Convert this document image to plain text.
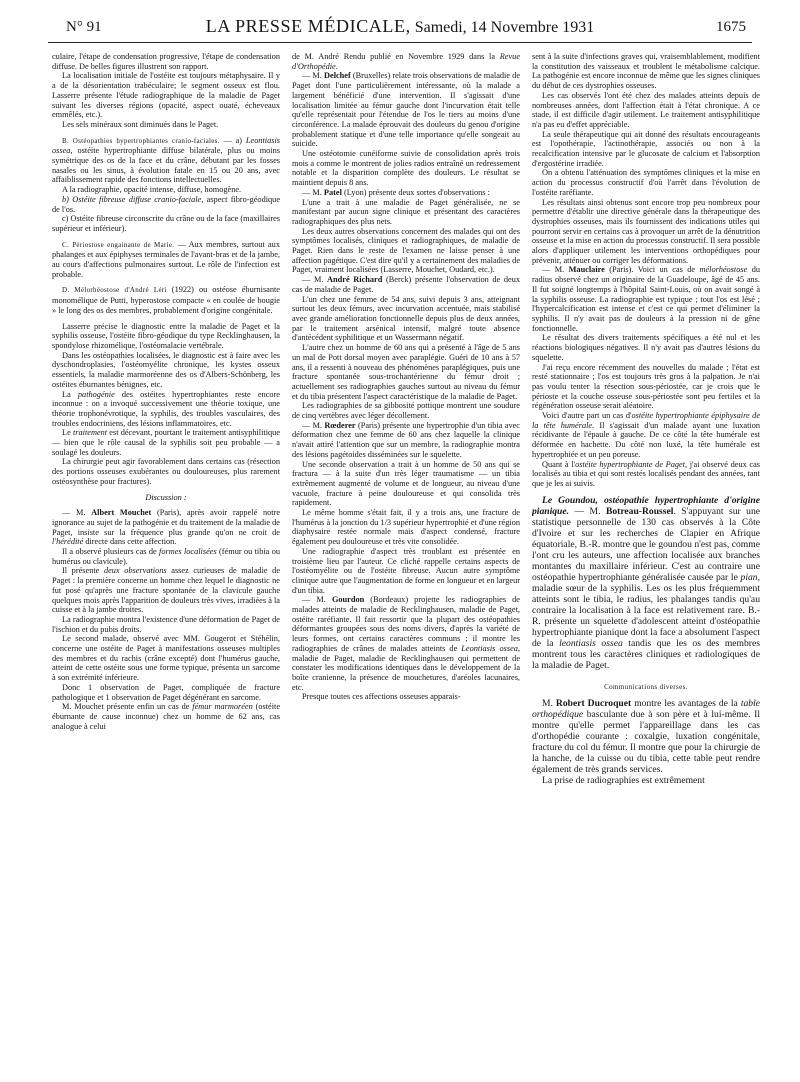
N° 91	LA PRESSE MÉDICALE, Samedi, 14 Novembre 1931	1675

culaire, l'étape de condensation progressive, l'étape de condensation diffuse. De belles figures illustrent son rapport.

La localisation initiale de l'ostéite est toujours métaphysaire. Il y a de la désorientation trabéculaire; le segment osseux est flou. Lasserre présente l'étude radiographique de la maladie de Paget suivant les diverses régions (opacité, aspect ouaté, écheveaux emmêlés, etc.).

Les sels minéraux sont diminués dans le Paget.

B. Ostéopathies hypertrophiantes cranio-faciales. — a) Leontiasis ossea, ostéite hypertrophiante diffuse bilatérale, plus ou moins symétrique des os de la face et du crâne, débutant par les fosses nasales ou les sinus, à évolution fatale en 15 ou 20 ans, avec affaiblissement rapide des fonctions intellectuelles.

A la radiographie, opacité intense, diffuse, homogène.

b) Ostéite fibreuse diffuse cranio-faciale, aspect fibro-géodique de l'os.

c) Ostéite fibreuse circonscrite du crâne ou de la face (maxillaires supérieur et inférieur).

C. Périostose engainante de Marie. — Aux membres, surtout aux phalanges et aux épiphyses terminales de l'avant-bras et de la jambe, au cours d'affections pulmonaires surtout. Le rôle de l'infection est probable.

D. Mélorhéostose d'André Léri (1922) ou ostéose éburnisante monomélique de Putti, hyperostose compacte « en coulée de bougie » le long des os des membres, probablement d'origine congénitale.

Lasserre précise le diagnostic entre la maladie de Paget et la syphilis osseuse, l'ostéite fibro-géodique du type Recklinghausen, la spondylose rhizomélique, l'ostéomalacie vertébrale.

Dans les ostéopathies localisées, le diagnostic est à faire avec les dyschondroplasies, l'ostéomyélite chronique, les kystes osseux essentiels, la maladie marmoréenne des os d'Albers-Schönberg, les ostéites éburnantes bénignes, etc.

La pathogénie des ostéites hypertrophiantes reste encore inconnue : on a invoqué successivement une théorie toxique, une théorie trophonévrotique, la syphilis, des troubles vasculaires, des troubles endocriniens, des lésions inflammatoires, etc.

Le traitement est décevant, pourtant le traitement antisyphilitique — bien que le rôle causal de la syphilis soit peu probable — a soulagé les douleurs.

La chirurgie peut agir favorablement dans certains cas (résection des portions osseuses exubérantes ou douloureuses, plus rarement ostéosynthèse pour fractures).

Discussion :

— M. Albert Mouchet (Paris), après avoir rappelé notre ignorance au sujet de la pathogénie et du traitement de la maladie de Paget, insiste sur la fréquence plus grande qu'on ne croit de l'hérédité directe dans cette affection.

Il a observé plusieurs cas de formes localisées (fémur ou tibia ou humérus ou clavicule).

Il présente deux observations assez curieuses de maladie de Paget : la première concerne un homme chez lequel le diagnostic ne fut posé qu'après une fracture spontanée de la clavicule gauche quelques mois après l'apparition de douleurs très vives, irradiées à la cuisse et à la jambe droites.

La radiographie montra l'existence d'une déformation de Paget de l'ischion et du pubis droits.

Le second malade, observé avec MM. Gougerot et Stéhélin, concerne une ostéite de Paget à manifestations osseuses multiples des membres et du rachis (crâne excepté) dont l'humérus gauche, atteint de cette ostéite sous une forme typique, présenta un sarcome à son extrémité inférieure.

Donc 1 observation de Paget, compliquée de fracture pathologique et 1 observation de Paget dégénérant en sarcome.

M. Mouchet présente enfin un cas de fémur marmoréen (ostéite éburnante de cause inconnue) chez un homme de 62 ans, cas analogue à celui

de M. André Rendu publié en Novembre 1929 dans la Revue d'Orthopédie.

— M. Delchef (Bruxelles) relate trois observations de maladie de Paget dont l'une particulièrement intéressante, où la malade a largement bénéficié d'une intervention. Il s'agissait d'une localisation limitée au fémur gauche dont l'incurvation était telle qu'elle représentait pour l'étendue de l'os le tiers au moins d'une circonférence. La malade éprouvait des douleurs du genou d'origine probablement statique et d'une telle importance qu'elle songeait au suicide.

Une ostéotomie cunéiforme suivie de consolidation après trois mois a comme le montrent de jolies radios entraîné un redressement notable et la disparition complète des douleurs. Le résultat se maintient depuis 8 ans.

— M. Patel (Lyon) présente deux sortes d'observations :

L'une a trait à une maladie de Paget généralisée, ne se manifestant par aucun signe clinique et présentant des caractères radiographiques des plus nets.

Les deux autres observations concernent des malades qui ont des symptômes localisés, cliniques et radiographiques, de maladie de Paget. Rien dans le reste de l'examen ne laisse penser à une affection pagétique. C'est dire qu'il y a certainement des maladies de Paget, vraiment localisées (Lasserre, Mouchet, Oudard, etc.).

— M. André Richard (Berck) présente l'observation de deux cas de maladie de Paget.

L'un chez une femme de 54 ans, suivi depuis 3 ans, atteignant surtout les deux fémurs, avec incurvation accentuée, mais stabilisé avec grande amélioration fonctionnelle depuis plus de deux années, par le traitement arsénical intensif, malgré toute absence d'antécédent syphilitique et un Wassermann négatif.

L'autre chez un homme de 60 ans qui a présenté à l'âge de 5 ans un mal de Pott dorsal moyen avec paraplégie. Guéri de 10 ans à 57 ans, il a ressenti à nouveau des phénomènes paraplégiques, puis une fracture spontanée sous-trochantérienne du fémur droit ; actuellement ses radiographies gauches surtout au niveau du fémur et du tibia présentent l'aspect caractéristique de la maladie de Paget.

Les radiographies de sa gibbosité pottique montrent une soudure de cinq vertèbres avec léger décollement.

— M. Rœderer (Paris) présente une hypertrophie d'un tibia avec déformation chez une femme de 60 ans chez laquelle la clinique n'avait attiré l'attention que sur un membre, la radiographie montra des lésions pagétoides disséminées sur le squelette.

Une seconde observation a trait à un homme de 50 ans qui se fractura — à la suite d'un très léger traumatisme — un tibia extrêmement augmenté de volume et de longueur, au niveau d'une vacuole, fracture à peine douloureuse et qui consolida très rapidement.

Le même homme s'était fait, il y a trois ans, une fracture de l'humérus à la jonction du 1/3 supérieur hypertrophié et d'une région diaphysaire restée normale mais d'aspect condensé, fracture également peu douloureuse et très vite consolidée.

Une radiographie d'aspect très troublant est présentée en troisième lieu par l'auteur. Ce cliché rappelle certains aspects de l'ostéomyélite ou de l'ostéite fibreuse. Aucun autre symptôme clinique autre que l'augmentation de forme en longueur et en largeur d'un tibia.

— M. Gourdon (Bordeaux) projette les radiographies de malades atteints de maladie de Recklinghausen, maladie de Paget, ostéite raréfiante. Il fait ressortir que la plupart des ostéopathies déformantes groupées sous des noms divers, d'après la variété de leurs formes, ont certains caractères communs ; il montre les radiographies de crânes de malades atteints de Leontiasis ossea, maladie de Paget, maladie de Recklinghausen qui permettent de constater les modifications identiques dans le développement de la boîte cranienne, la présence de mouchetures, d'aréoles lacunaires, etc.

Presque toutes ces affections osseuses apparais-

sent à la suite d'infections graves qui, vraisemblablement, modifient la constitution des vaisseaux et troublent le métabolisme calcique. La pathogénie est encore inconnue de même que les signes cliniques du début de ces dystrophies osseuses.

Les cas observés l'ont été chez des malades atteints depuis de nombreuses années, dont l'affection était à l'état chronique. A ce stade, il est difficile d'agir utilement. Le traitement antisyphilitique n'a pas eu d'effet appréciable.

La seule thérapeutique qui ait donné des résultats encourageants est l'opothérapie, l'actinothérapie, associés ou non à la recalcification intensive par le glucosate de calcium et l'absorption d'ergostérine irradiée.

On a obtenu l'atténuation des symptômes cliniques et la mise en action du processus constructif d'où l'arrêt dans l'évolution de l'ostéite raréfiante.

Les résultats ainsi obtenus sont encore trop peu nombreux pour permettre d'établir une directive générale dans la thérapeutique des dystrophies osseuses, mais ils fournissent des indications utiles qui pourront servir en certains cas à provoquer un arrêt de la dénutrition osseuse et la mise en action du processus constructif. Il sera possible alors d'appliquer utilement les interventions orthopédiques pour prévenir, atténuer ou corriger les déformations.

— M. Mauclaire (Paris). Voici un cas de mélorhéostose du radius observé chez un originaire de la Guadeloupe, âgé de 45 ans. Il fut soigné longtemps à l'hôpital Saint-Louis, où on avait songé à la syphilis osseuse. La radiographie est typique ; tout l'os est lésé ; l'hypercalcification est intense et c'est ce qui permet d'éliminer la syphilis. Il n'y avait pas de douleurs à la pression ni de gêne fonctionnelle.

Le résultat des divers traitements spécifiques a été nul et les réactions biologiques négatives. Il n'y avait pas d'autres lésions du squelette.

J'ai reçu encore récemment des nouvelles du malade ; l'état est resté stationnaire ; l'os est toujours très gros à la palpation. Je n'ai pas voulu tenter la résection sous-périostée, car je crois que le périoste et la couche osseuse sous-périostée sont peu fertiles et la régénération osseuse serait aléatoire.

Voici d'autre part un cas d'ostéite hypertrophiante épiphysaire de la tête humérale. Il s'agissait d'un malade ayant une luxation récidivante de l'épaule à gauche. De ce côté la tête humérale est déformée en hachette. Du côté non luxé, la tête humérale est hypertrophiée et un peu poreuse.

Quant à l'ostéite hypertrophiante de Paget, j'ai observé deux cas localisés au tibia et qui sont restés localisés pendant des années, tant que je les ai suivis.

Le Goundou, ostéopathie hypertrophiante d'origine pianique. — M. Botreau-Roussel. S'appuyant sur une statistique personnelle de 130 cas observés à la Côte d'Ivoire et sur les recherches de Clapier en Afrique équatoriale, B.-R. montre que le goundou n'est pas, comme l'ont cru les auteurs, une affection localisée aux branches montantes du maxillaire inférieur. C'est au contraire une ostéopathie hypertrophiante généralisée causée par le pian, maladie sœur de la syphilis. Les os les plus fréquemment atteints sont le tibia, le radius, les phalanges tandis qu'au contraire la localisation à la face est relativement rare. B.-R. présente un squelette d'adolescent atteint d'ostéopathie hypertrophiante pianique dont la face a absolument l'aspect de la leontiasis ossea tandis que les os des membres montrent tous les caractères cliniques et radiologiques de la maladie de Paget.

Communications diverses.

M. Robert Ducroquet montre les avantages de la table orthopédique basculante due à son père et à lui-même. Il montre qu'elle permet l'appareillage dans les cas d'orthopédie courante : coxalgie, luxation congénitale, fracture du col du fémur. Il montre que pour la chirurgie de la hanche, de la cuisse ou du tibia, cette table peut rendre également de très grands services.

La prise de radiographies est extrêmement
